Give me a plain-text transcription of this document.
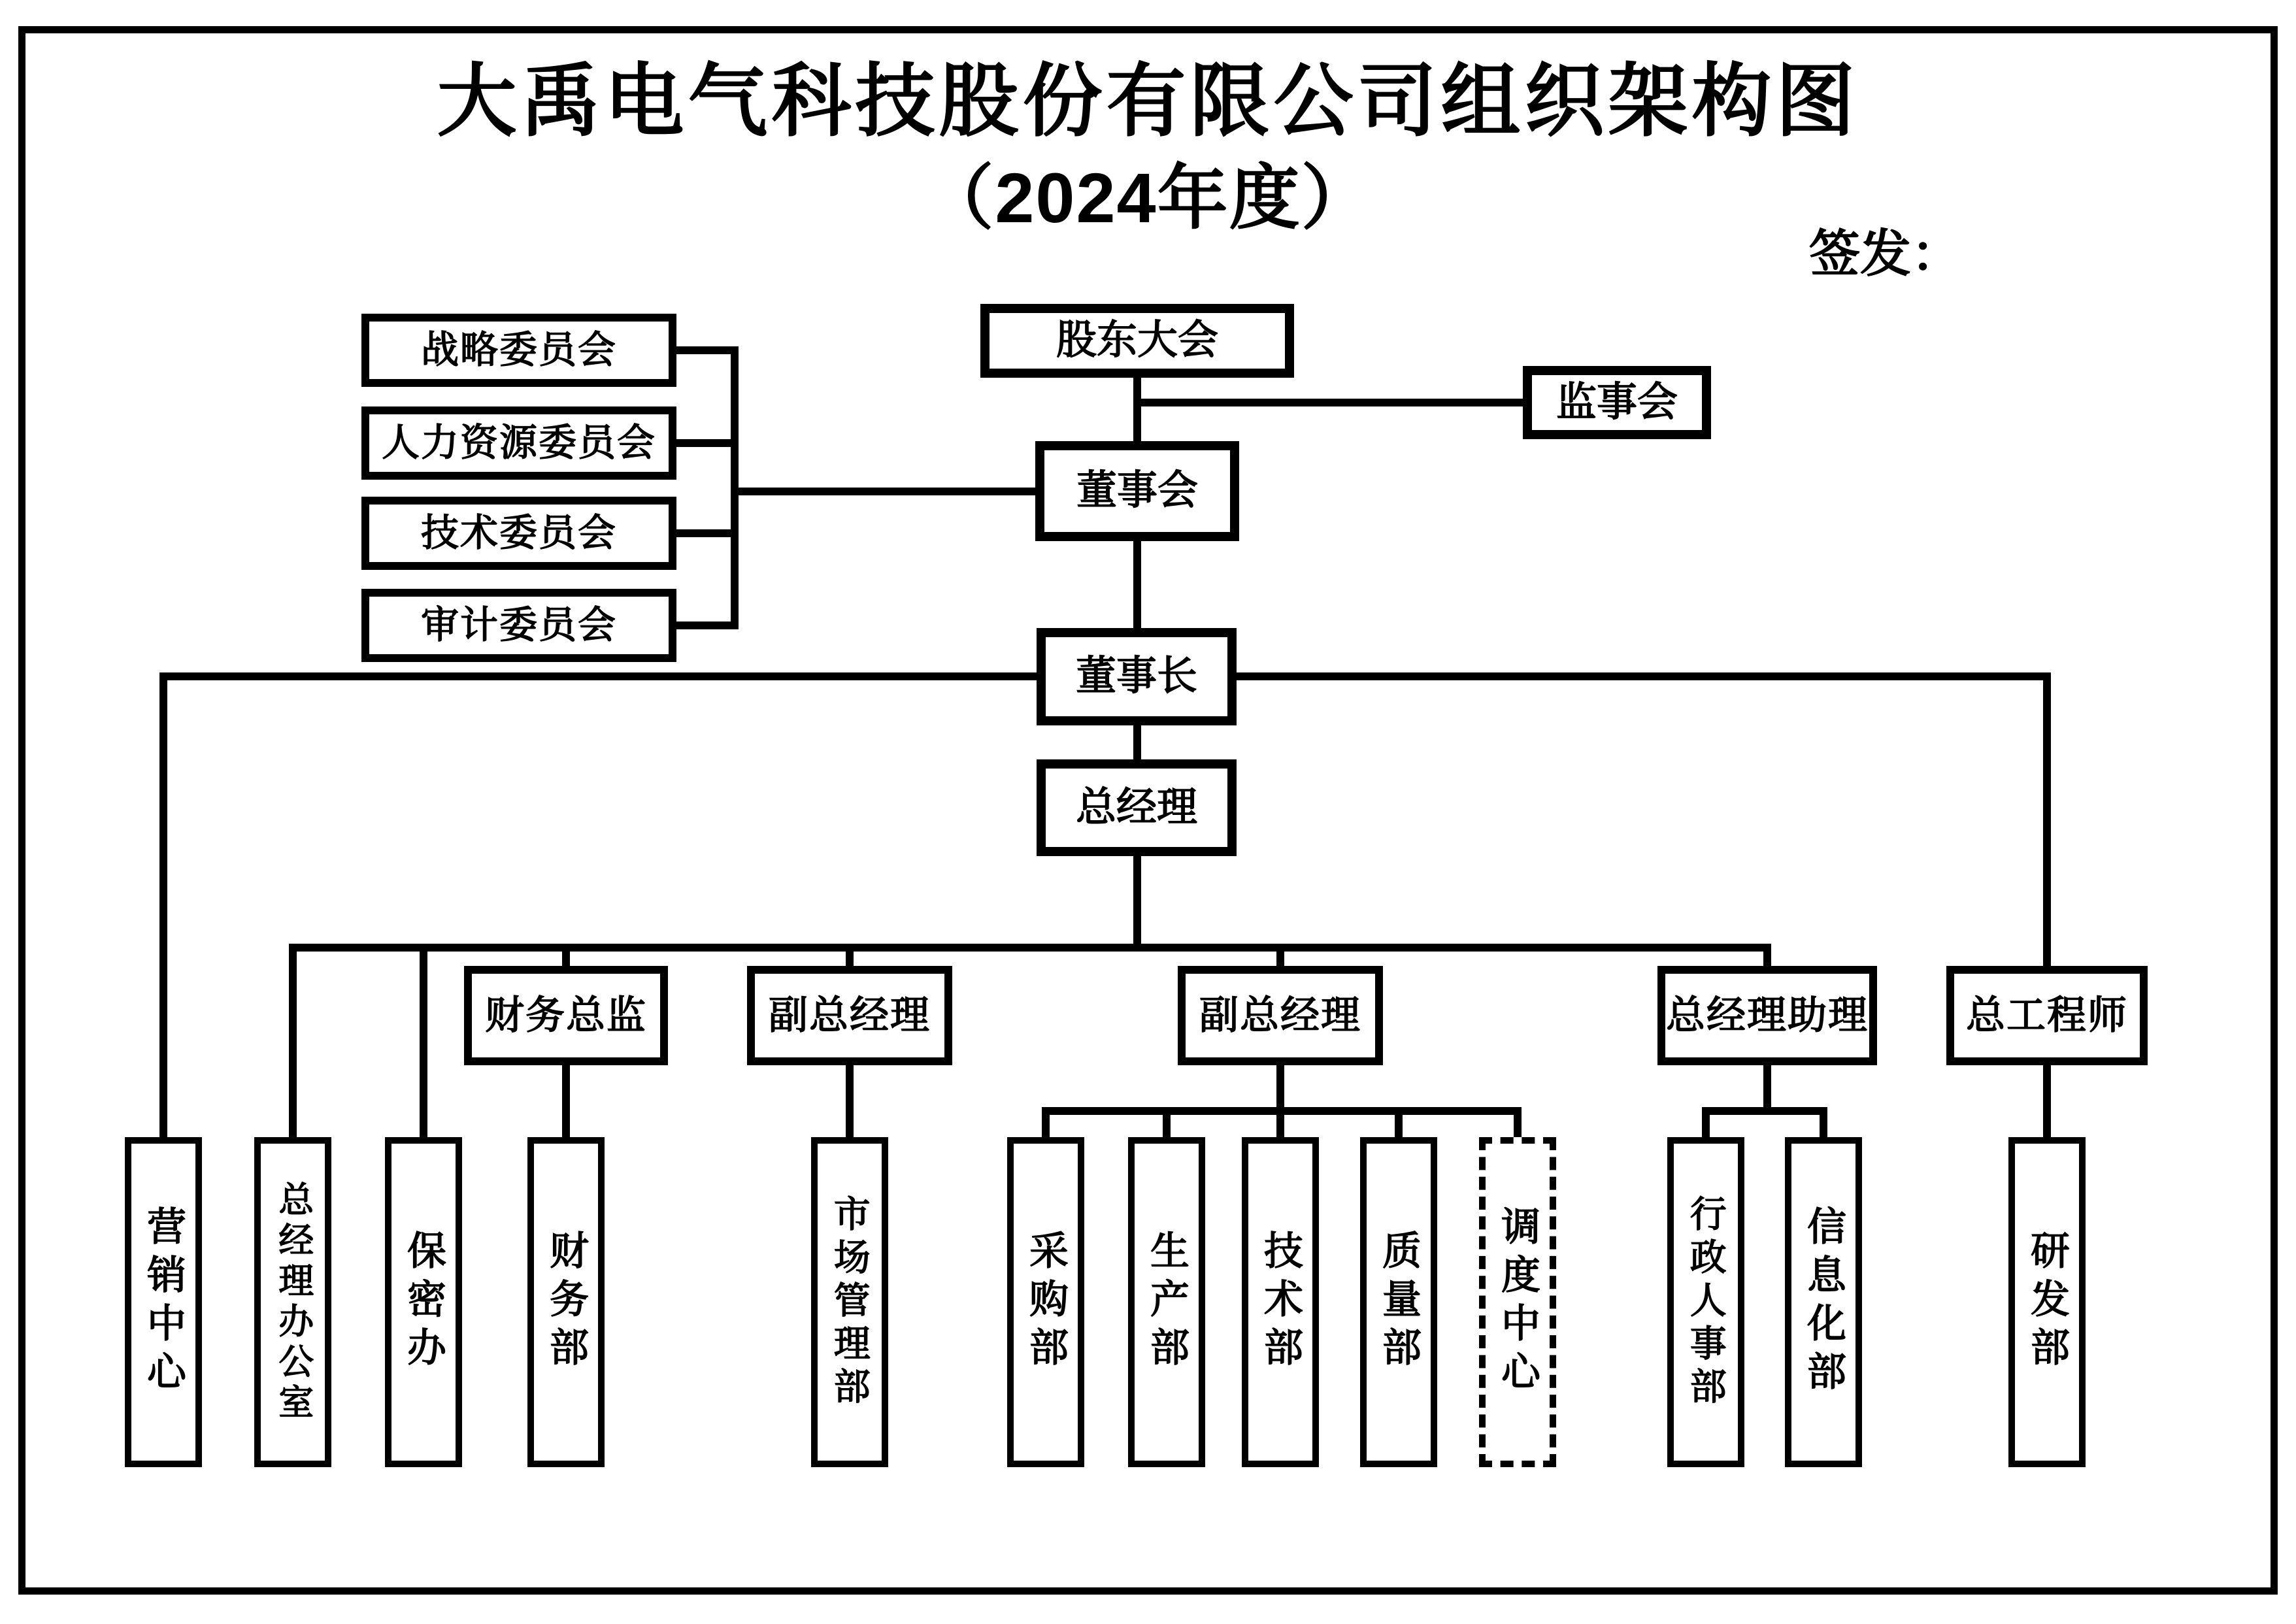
大禹电气科技股份有限公司组织架构图
（2024年度）
签发：
股东大会
监事会
董事会
战略委员会
人力资源委员会
技术委员会
审计委员会
董事长
总经理
财务总监	副总经理	副总经理	总经理助理 总工程师
营销中心 总经理办公室 保密办	财务部	市场管理部	采购部 生产部 技术部 质量部 调度中心	行政人事部 信息化部	研发部
